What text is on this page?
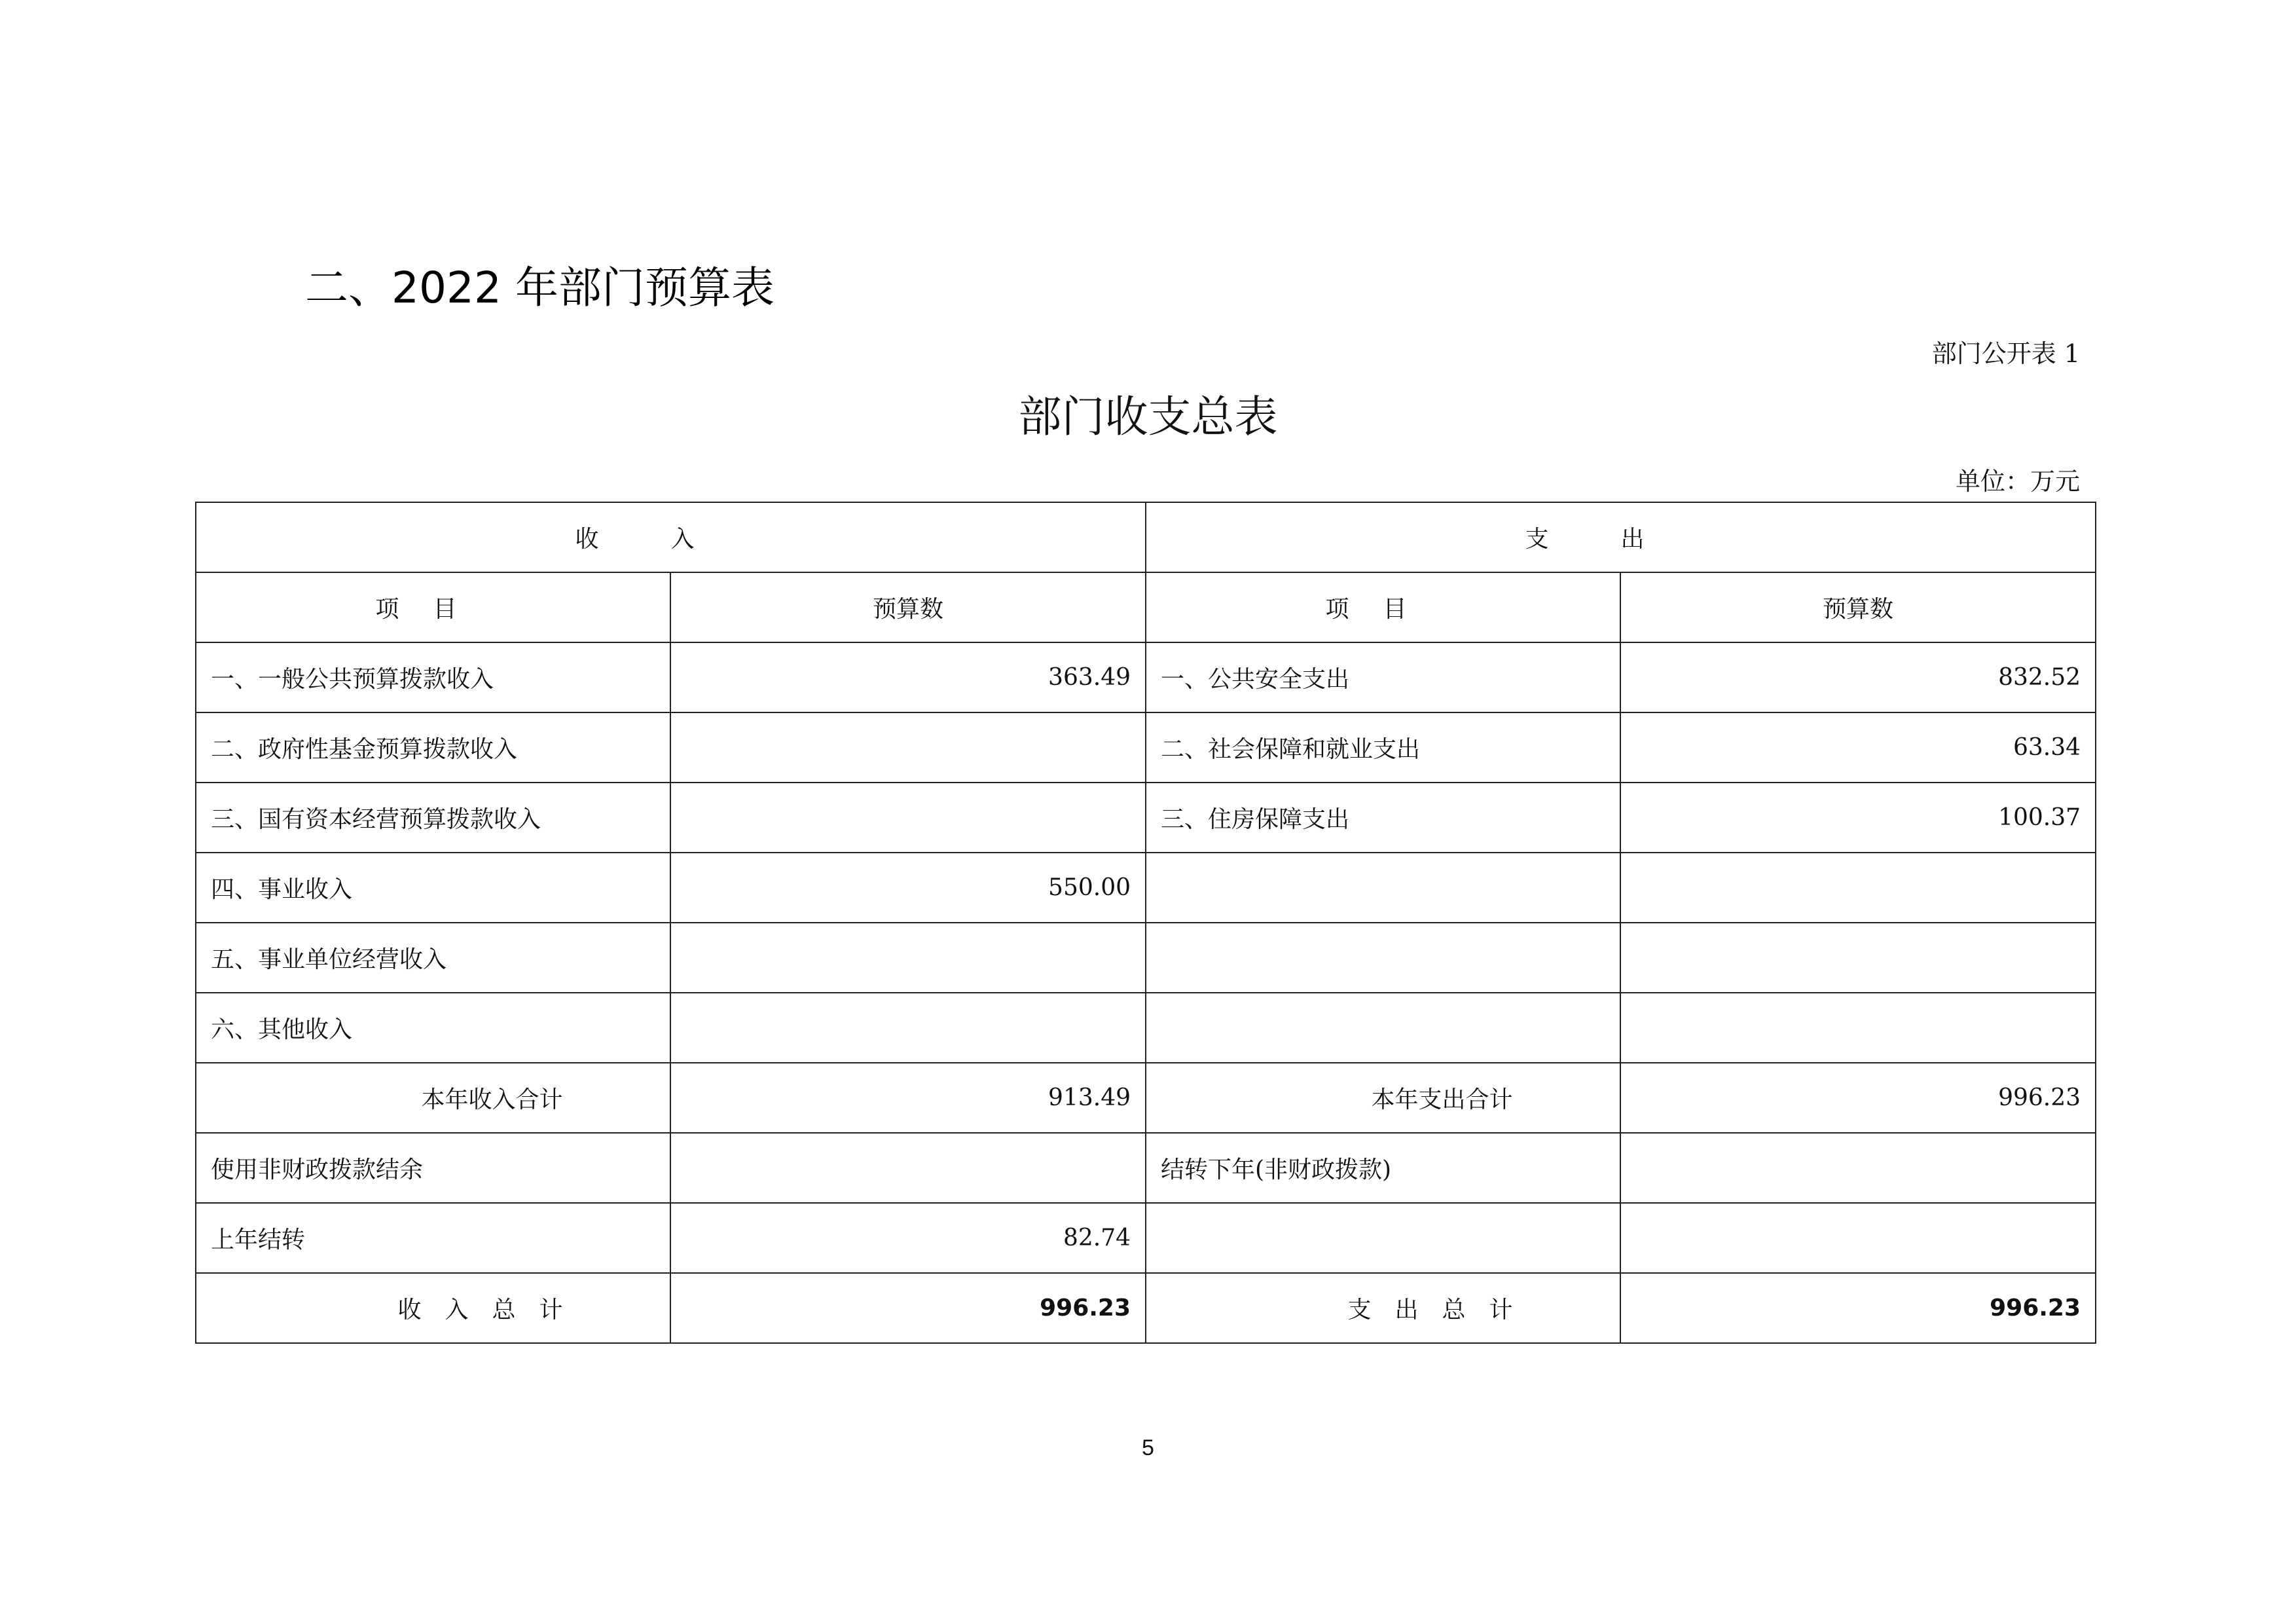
二、2022 年部门预算表
部门公开表 1
部门收支总表
单位：万元
收入		支出	
项目	预算数	项目	预算数
一、一般公共预算拨款收入	363.49	一、公共安全支出	832.52
二、政府性基金预算拨款收入		二、社会保障和就业支出	63.34
三、国有资本经营预算拨款收入		三、住房保障支出	100.37
四、事业收入	550.00		
五、事业单位经营收入			
六、其他收入			
本年收入合计	913.49	本年支出合计	996.23
使用非财政拨款结余		结转下年(非财政拨款)	
上年结转	82.74		
收入总计	996.23	支出总计	996.23
5
